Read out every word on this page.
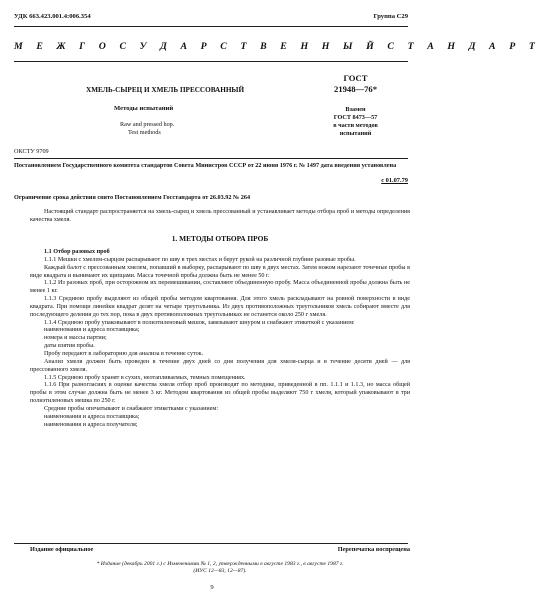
УДК 663.423.001.4:006.354	Группа С29
М Е Ж Г О С У Д А Р С Т В Е Н Н Ы Й С Т А Н Д А Р Т
ХМЕЛЬ-СЫРЕЦ И ХМЕЛЬ ПРЕССОВАННЫЙ
Методы испытаний
Raw and pressed hop.
Test methods
ОКСТУ 9709
ГОСТ
21948—76*
Взамен
ГОСТ 8473—57
в части методов
испытаний
Постановлением Государственного комитета стандартов Совета Министров СССР от 22 июня 1976 г. № 1497 дата введения установлена
с 01.07.79
Ограничение срока действия снято Постановлением Госстандарта от 26.03.92 № 264

Настоящий стандарт распространяется на хмель-сырец и хмель прессованный и устанавливает методы отбора проб и методы определения качества хмеля.

1. МЕТОДЫ ОТБОРА ПРОБ

1.1 Отбор разовых проб

1.1.1 Мешки с хмелем-сырцом распарывают по шву в трех местах и берут рукой на различной глубине разовые пробы.

Каждый балот с прессованным хмелем, попавший в выборку, распарывают по шву в двух местах. Затем ножом нарезают точечные пробы в виде квадрата и вынимают их щипцами. Масса точечной пробы должна быть не менее 50 г.

1.1.2 Из разовых проб, при осторожном их перемешивании, составляют объединенную пробу. Масса объединенной пробы должна быть не менее 1 кг.

1.1.3 Среднюю пробу выделяют из общей пробы методом квартования. Для этого хмель раскладывают на ровной поверхности в виде квадрата. При помощи линейки квадрат делят на четыре треугольника. Из двух противоположных треугольников хмель собирают вместе для последующего деления до тех пор, пока в двух противоположных треугольниках не останется около 250 г хмеля.

1.1.4 Среднюю пробу упаковывают в полиэтиленовый мешок, завязывают шнуром и снабжают этикеткой с указанием:

наименования и адреса поставщика;

номера и массы партии;

даты взятия пробы.

Пробу передают в лабораторию для анализа в течение суток.

Анализ хмеля должен быть проведен в течение двух дней со дня получения для хмеля-сырца и в течение десяти дней — для прессованного хмеля.

1.1.5 Среднюю пробу хранят в сухих, неотапливаемых, темных помещениях.

1.1.6 При разногласиях в оценке качества хмеля отбор проб производят по методике, приведенной в пп. 1.1.1 и 1.1.3, но масса общей пробы в этом случае должна быть не менее 3 кг. Методом квартования из общей пробы выделяют 750 г хмеля, который упаковывают в три полиэтиленовых мешка по 250 г.

Средние пробы опечатывают и снабжают этикетками с указанием:

наименования и адреса поставщика;

наименования и адреса получателя;

Издание официальное	Перепечатка воспрещена
* Издание (декабрь 2001 г.) с Изменениями № 1, 2, утвержденными в августе 1983 г., в августе 1987 г.
(ИУС 12—83, 12—87).
9
